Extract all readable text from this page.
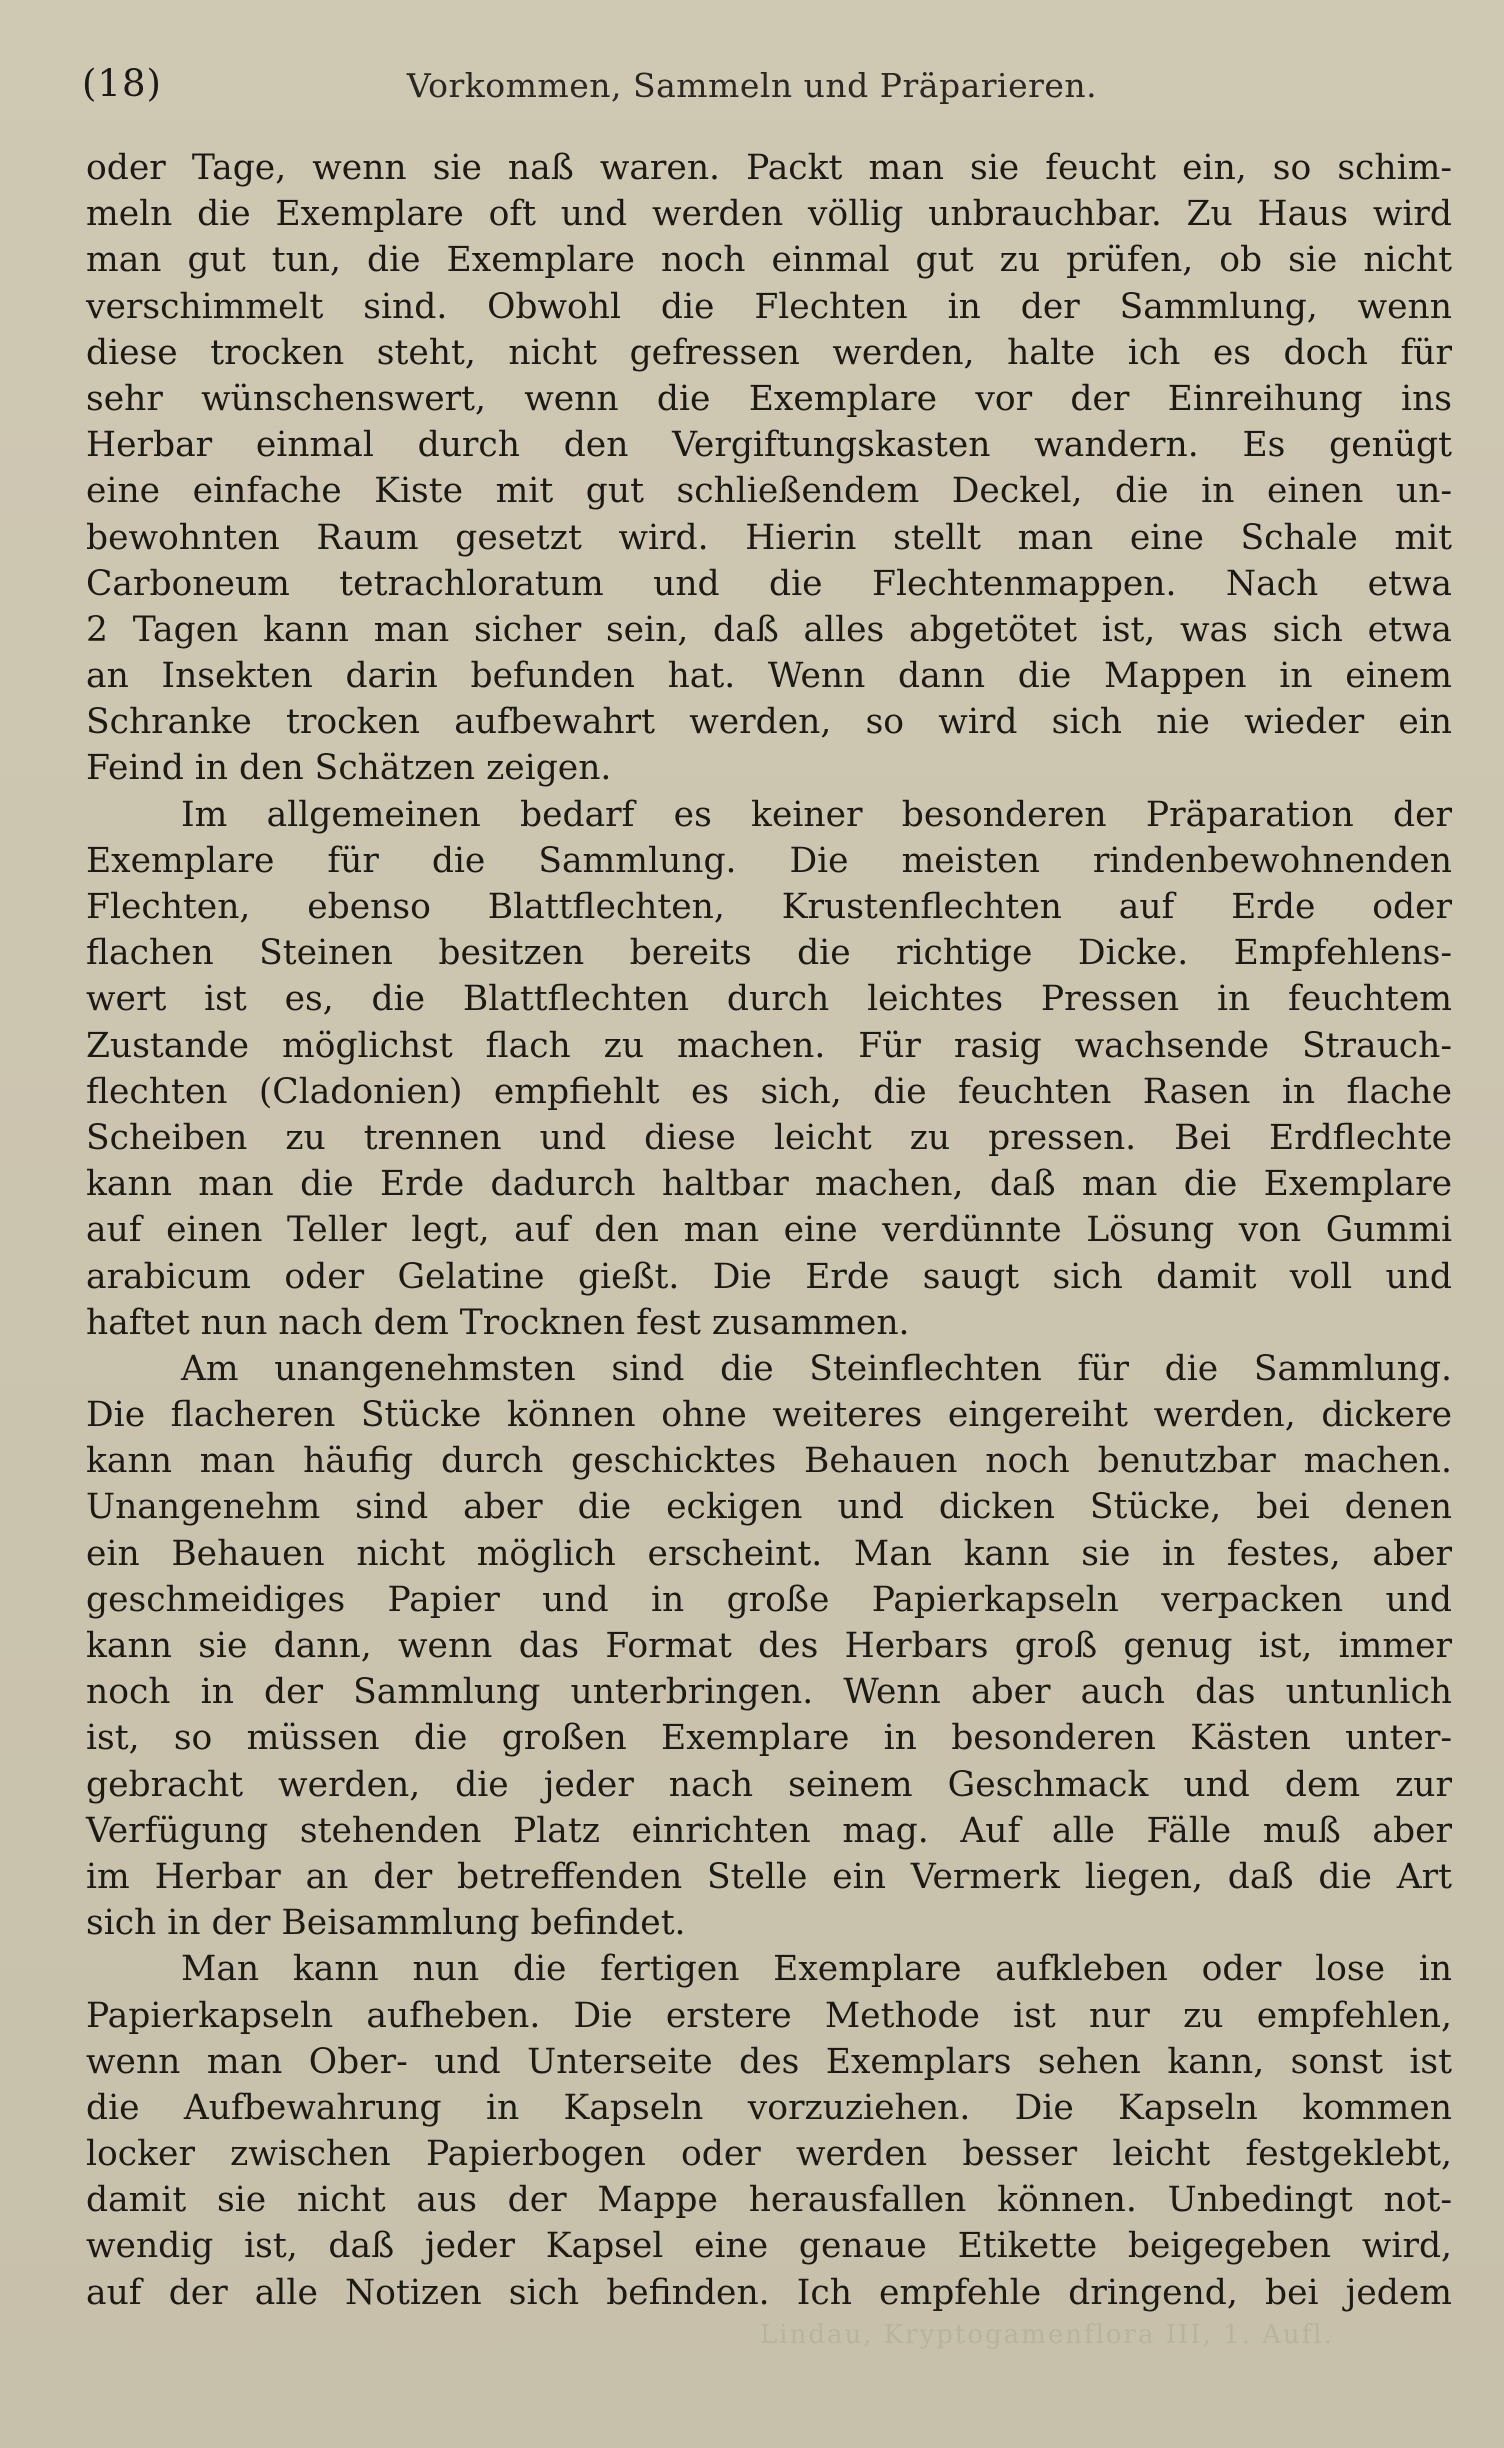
(18)	Vorkommen, Sammeln und Präparieren.
oder Tage, wenn sie naß waren. Packt man sie feucht ein, so schim-
meln die Exemplare oft und werden völlig unbrauchbar. Zu Haus wird
man gut tun, die Exemplare noch einmal gut zu prüfen, ob sie nicht
verschimmelt sind. Obwohl die Flechten in der Sammlung, wenn
diese trocken steht, nicht gefressen werden, halte ich es doch für
sehr wünschenswert, wenn die Exemplare vor der Einreihung ins
Herbar einmal durch den Vergiftungskasten wandern. Es genügt
eine einfache Kiste mit gut schließendem Deckel, die in einen un-
bewohnten Raum gesetzt wird. Hierin stellt man eine Schale mit
Carboneum tetrachloratum und die Flechtenmappen. Nach etwa
2 Tagen kann man sicher sein, daß alles abgetötet ist, was sich etwa
an Insekten darin befunden hat. Wenn dann die Mappen in einem
Schranke trocken aufbewahrt werden, so wird sich nie wieder ein
Feind in den Schätzen zeigen.
Im allgemeinen bedarf es keiner besonderen Präparation der
Exemplare für die Sammlung. Die meisten rindenbewohnenden
Flechten, ebenso Blattflechten, Krustenflechten auf Erde oder
flachen Steinen besitzen bereits die richtige Dicke. Empfehlens-
wert ist es, die Blattflechten durch leichtes Pressen in feuchtem
Zustande möglichst flach zu machen. Für rasig wachsende Strauch-
flechten (Cladonien) empfiehlt es sich, die feuchten Rasen in flache
Scheiben zu trennen und diese leicht zu pressen. Bei Erdflechte
kann man die Erde dadurch haltbar machen, daß man die Exemplare
auf einen Teller legt, auf den man eine verdünnte Lösung von Gummi
arabicum oder Gelatine gießt. Die Erde saugt sich damit voll und
haftet nun nach dem Trocknen fest zusammen.
Am unangenehmsten sind die Steinflechten für die Sammlung.
Die flacheren Stücke können ohne weiteres eingereiht werden, dickere
kann man häufig durch geschicktes Behauen noch benutzbar machen.
Unangenehm sind aber die eckigen und dicken Stücke, bei denen
ein Behauen nicht möglich erscheint. Man kann sie in festes, aber
geschmeidiges Papier und in große Papierkapseln verpacken und
kann sie dann, wenn das Format des Herbars groß genug ist, immer
noch in der Sammlung unterbringen. Wenn aber auch das untunlich
ist, so müssen die großen Exemplare in besonderen Kästen unter-
gebracht werden, die jeder nach seinem Geschmack und dem zur
Verfügung stehenden Platz einrichten mag. Auf alle Fälle muß aber
im Herbar an der betreffenden Stelle ein Vermerk liegen, daß die Art
sich in der Beisammlung befindet.
Man kann nun die fertigen Exemplare aufkleben oder lose in
Papierkapseln aufheben. Die erstere Methode ist nur zu empfehlen,
wenn man Ober- und Unterseite des Exemplars sehen kann, sonst ist
die Aufbewahrung in Kapseln vorzuziehen. Die Kapseln kommen
locker zwischen Papierbogen oder werden besser leicht festgeklebt,
damit sie nicht aus der Mappe herausfallen können. Unbedingt not-
wendig ist, daß jeder Kapsel eine genaue Etikette beigegeben wird,
auf der alle Notizen sich befinden. Ich empfehle dringend, bei jedem
Lindau, Kryptogamenflora III, 1. Aufl.
